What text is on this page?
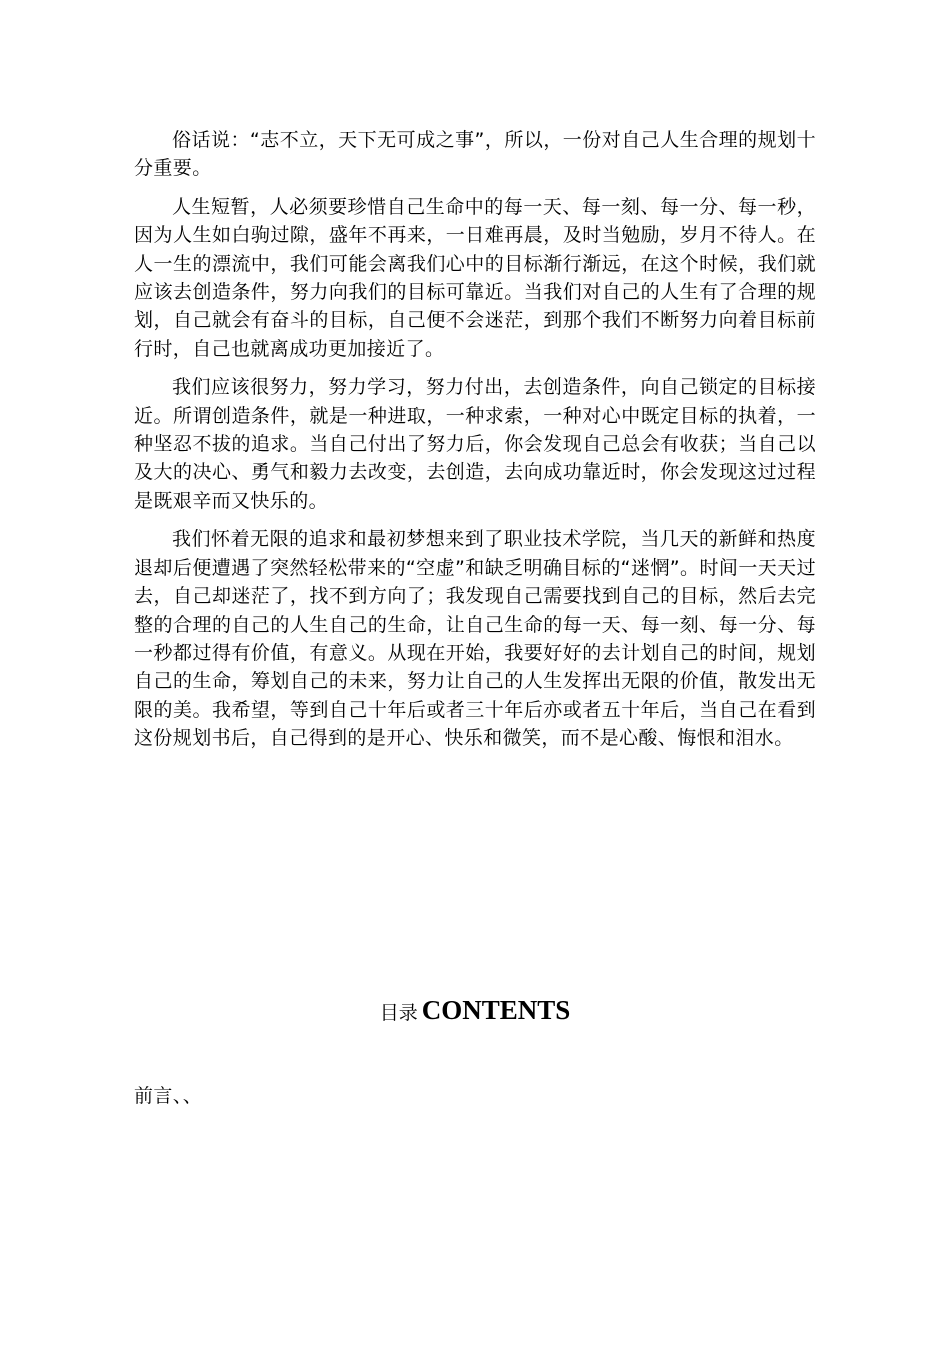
俗话说：“志不立，天下无可成之事”，所以，一份对自己人生合理的规划十分重要。

人生短暂，人必须要珍惜自己生命中的每一天、每一刻、每一分、每一秒，因为人生如白驹过隙，盛年不再来，一日难再晨，及时当勉励，岁月不待人。在人一生的漂流中，我们可能会离我们心中的目标渐行渐远，在这个时候，我们就应该去创造条件，努力向我们的目标可靠近。当我们对自己的人生有了合理的规划，自己就会有奋斗的目标，自己便不会迷茫，到那个我们不断努力向着目标前行时，自己也就离成功更加接近了。

我们应该很努力，努力学习，努力付出，去创造条件，向自己锁定的目标接近。所谓创造条件，就是一种进取，一种求索，一种对心中既定目标的执着，一种坚忍不拔的追求。当自己付出了努力后，你会发现自己总会有收获；当自己以及大的决心、勇气和毅力去改变，去创造，去向成功靠近时，你会发现这过过程是既艰辛而又快乐的。

我们怀着无限的追求和最初梦想来到了职业技术学院，当几天的新鲜和热度退却后便遭遇了突然轻松带来的“空虚”和缺乏明确目标的“迷惘”。时间一天天过去，自己却迷茫了，找不到方向了；我发现自己需要找到自己的目标，然后去完整的合理的自己的人生自己的生命，让自己生命的每一天、每一刻、每一分、每一秒都过得有价值，有意义。从现在开始，我要好好的去计划自己的时间，规划自己的生命，筹划自己的未来，努力让自己的人生发挥出无限的价值，散发出无限的美。我希望，等到自己十年后或者三十年后亦或者五十年后，当自己在看到这份规划书后，自己得到的是开心、快乐和微笑，而不是心酸、悔恨和泪水。

目录 CONTENTS
前言、、
